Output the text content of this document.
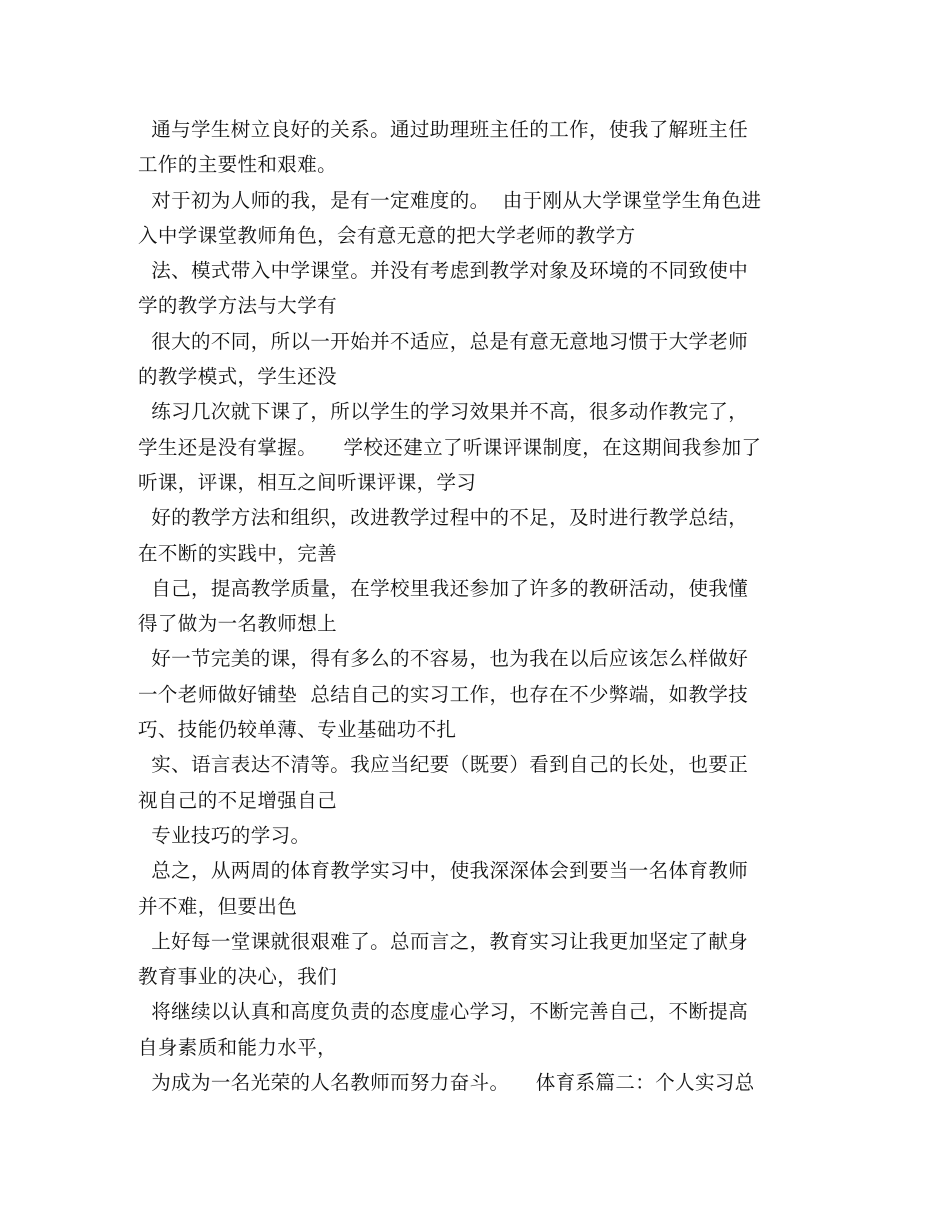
通与学生树立良好的关系。通过助理班主任的工作，使我了解班主任
工作的主要性和艰难。
对于初为人师的我，是有一定难度的。  由于刚从大学课堂学生角色进
入中学课堂教师角色，会有意无意的把大学老师的教学方
法、模式带入中学课堂。并没有考虑到教学对象及环境的不同致使中
学的教学方法与大学有
很大的不同，所以一开始并不适应，总是有意无意地习惯于大学老师
的教学模式，学生还没
练习几次就下课了，所以学生的学习效果并不高，很多动作教完了，
学生还是没有掌握。    学校还建立了听课评课制度，在这期间我参加了
听课，评课，相互之间听课评课，学习
好的教学方法和组织，改进教学过程中的不足，及时进行教学总结，
在不断的实践中，完善
自己，提高教学质量，在学校里我还参加了许多的教研活动，使我懂
得了做为一名教师想上
好一节完美的课，得有多么的不容易，也为我在以后应该怎么样做好
一个老师做好铺垫  总结自己的实习工作，也存在不少弊端，如教学技
巧、技能仍较单薄、专业基础功不扎
实、语言表达不清等。我应当纪要（既要）看到自己的长处，也要正
视自己的不足增强自己
专业技巧的学习。
总之，从两周的体育教学实习中，使我深深体会到要当一名体育教师
并不难，但要出色
上好每一堂课就很艰难了。总而言之，教育实习让我更加坚定了献身
教育事业的决心，我们
将继续以认真和高度负责的态度虚心学习，不断完善自己，不断提高
自身素质和能力水平，
为成为一名光荣的人名教师而努力奋斗。    体育系篇二：个人实习总
